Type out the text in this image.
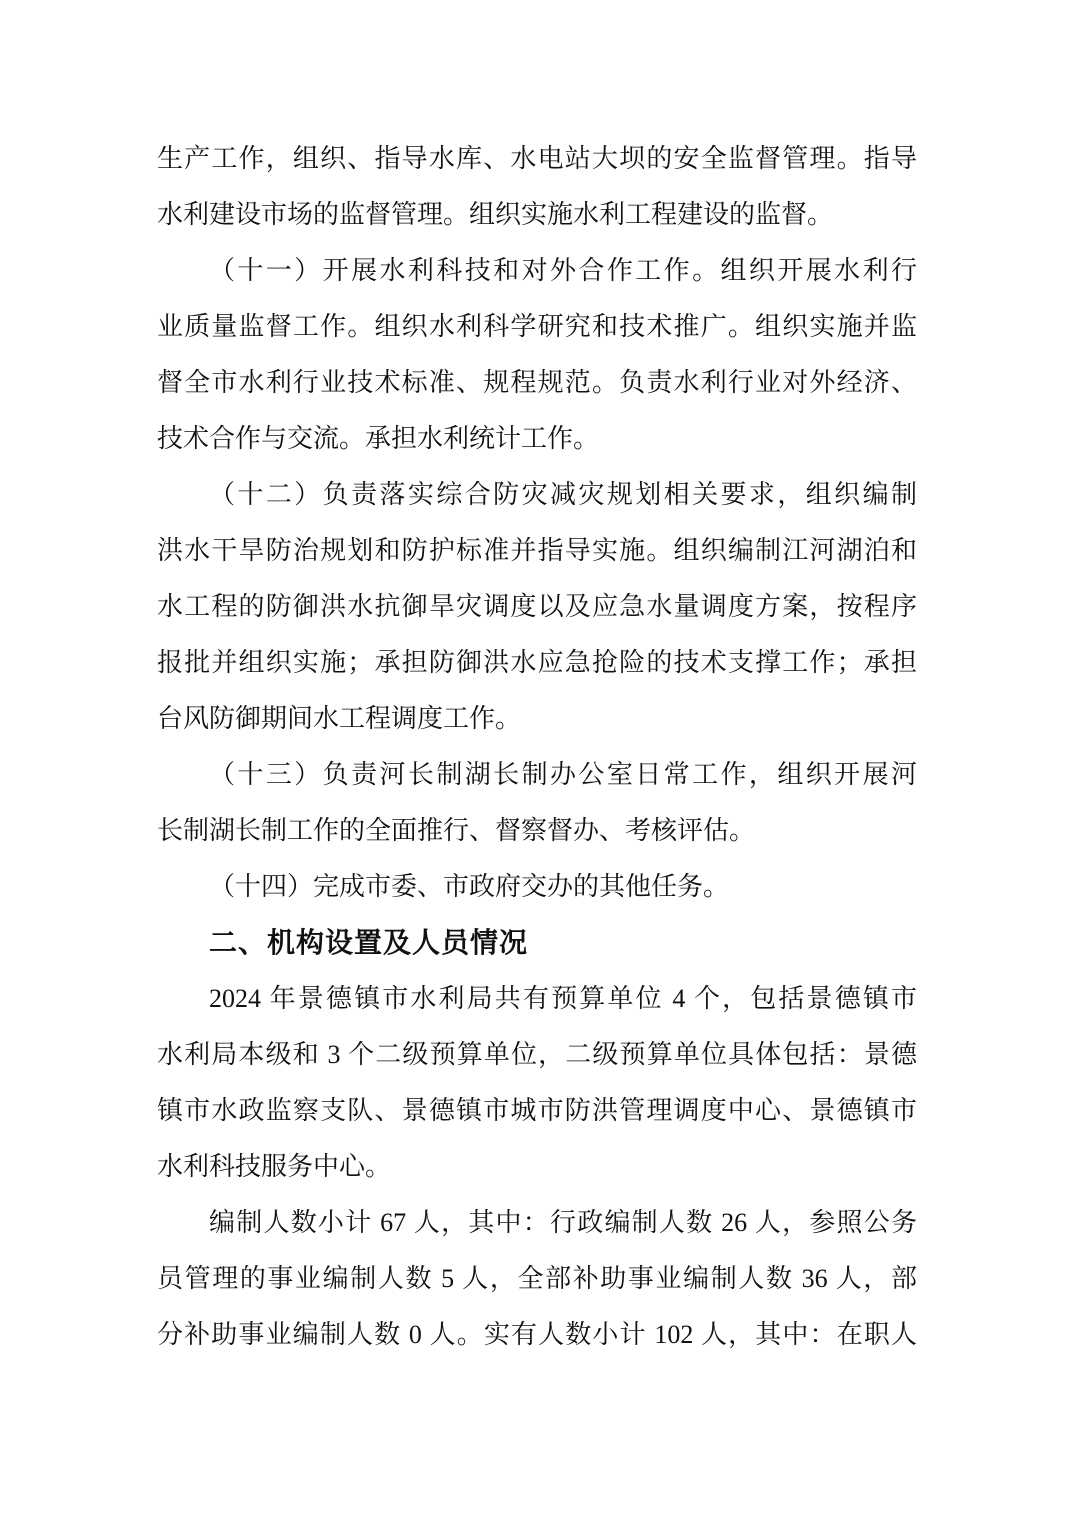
生产工作，组织、指导水库、水电站大坝的安全监督管理。指导
水利建设市场的监督管理。组织实施水利工程建设的监督。
（十一）开展水利科技和对外合作工作。组织开展水利行
业质量监督工作。组织水利科学研究和技术推广。组织实施并监
督全市水利行业技术标准、规程规范。负责水利行业对外经济、
技术合作与交流。承担水利统计工作。
（十二）负责落实综合防灾减灾规划相关要求，组织编制
洪水干旱防治规划和防护标准并指导实施。组织编制江河湖泊和
水工程的防御洪水抗御旱灾调度以及应急水量调度方案，按程序
报批并组织实施；承担防御洪水应急抢险的技术支撑工作；承担
台风防御期间水工程调度工作。
（十三）负责河长制湖长制办公室日常工作，组织开展河
长制湖长制工作的全面推行、督察督办、考核评估。
（十四）完成市委、市政府交办的其他任务。
二、机构设置及人员情况
2024 年景德镇市水利局共有预算单位 4 个，包括景德镇市
水利局本级和 3 个二级预算单位，二级预算单位具体包括：景德
镇市水政监察支队、景德镇市城市防洪管理调度中心、景德镇市
水利科技服务中心。
编制人数小计 67 人，其中：行政编制人数 26 人，参照公务
员管理的事业编制人数 5 人，全部补助事业编制人数 36 人，部
分补助事业编制人数 0 人。实有人数小计 102 人，其中：在职人
